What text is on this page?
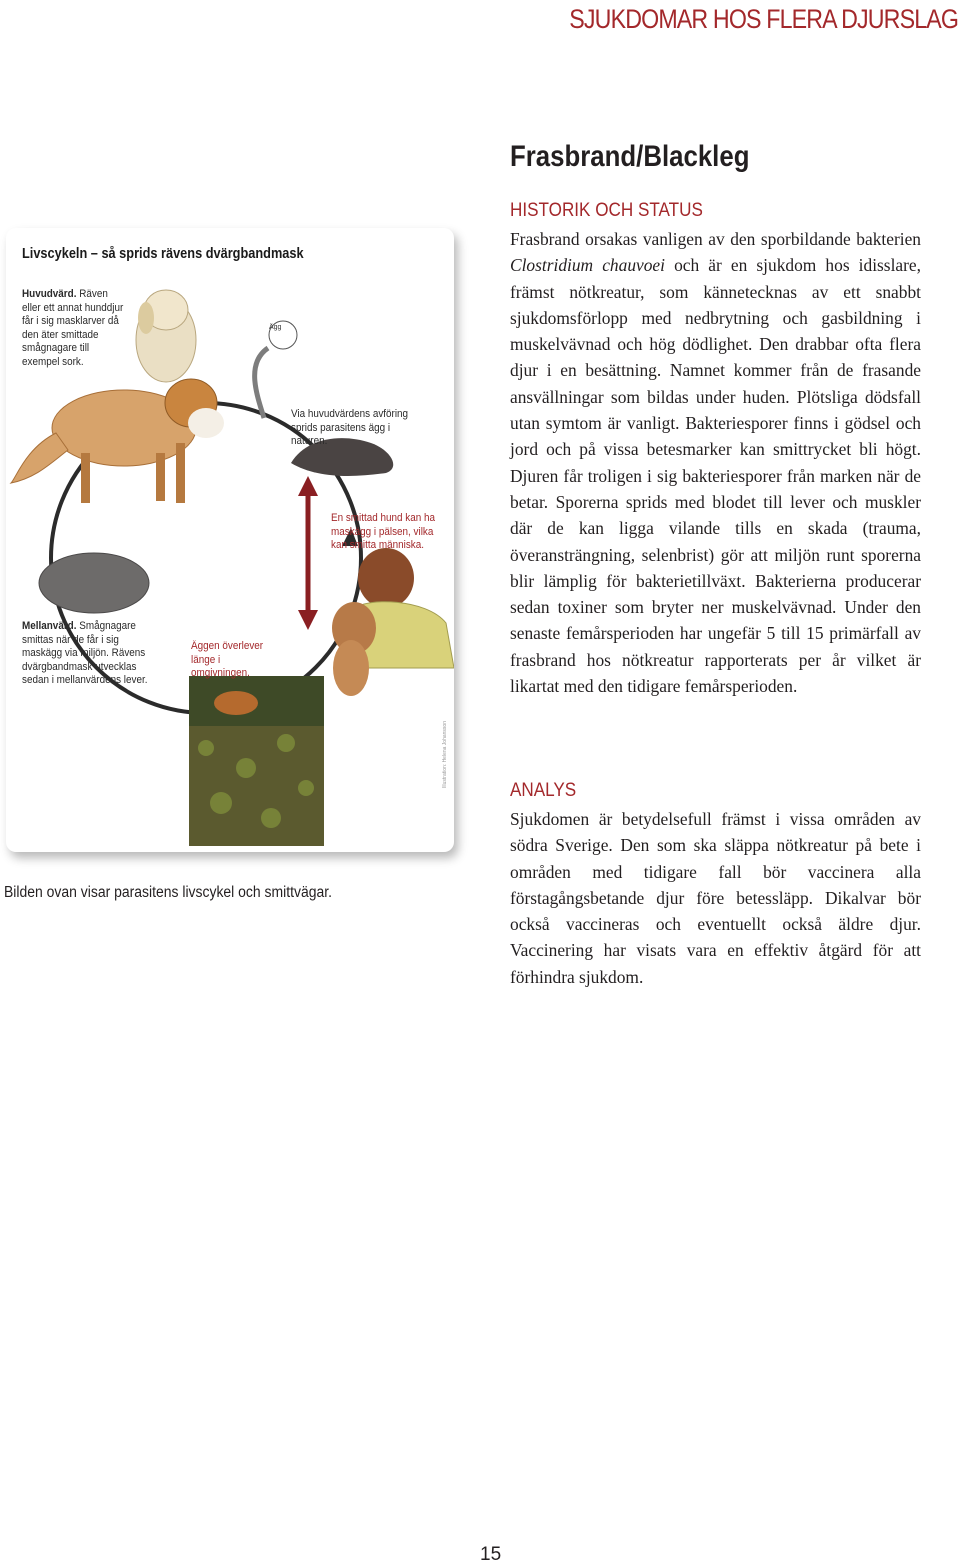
SJUKDOMAR HOS FLERA DJURSLAG
Frasbrand/Blackleg
HISTORIK OCH STATUS

Frasbrand orsakas vanligen av den sporbildande bakterien Clostridium chauvoei och är en sjukdom hos idisslare, främst nötkreatur, som kännetecknas av ett snabbt sjukdomsförlopp med nedbrytning och gasbildning i muskelvävnad och hög dödlighet. Den drabbar ofta flera djur i en besättning. Namnet kommer från de frasande ansvällningar som bildas under huden. Plötsliga dödsfall utan symtom är vanligt. Bakteriesporer finns i gödsel och jord och på vissa betesmarker kan smittrycket bli högt. Djuren får troligen i sig bakteriesporer från marken när de betar. Sporerna sprids med blodet till lever och muskler där de kan ligga vilande tills en skada (trauma, överansträngning, selenbrist) gör att miljön runt sporerna blir lämplig för bakterietillväxt. Bakterierna producerar sedan toxiner som bryter ner muskelvävnad. Under den senaste femårsperioden har ungefär 5 till 15 primärfall av frasbrand hos nötkreatur rapporterats per år vilket är likartat med den tidigare femårsperioden.

ANALYS

Sjukdomen är betydelsefull främst i vissa områden av södra Sverige. Den som ska släppa nötkreatur på bete i områden med tidigare fall bör vaccinera alla förstagångsbetande djur före betessläpp. Dikalvar bör också vaccineras och eventuellt också äldre djur. Vaccinering har visats vara en effektiv åtgärd för att förhindra sjukdom.

Livscykeln – så sprids rävens dvärgbandmask

Ägg

Huvudvärd. Räven eller ett annat hunddjur får i sig masklarver då den äter smittade smågnagare till exempel sork.

Via huvudvärdens avföring sprids parasitens ägg i naturen.

En smittad hund kan ha maskägg i pälsen, vilka kan smitta människa.

Mellanvärd. Smågnagare smittas när de får i sig maskägg via miljön. Rävens dvärgbandmask utvecklas sedan i mellanvärdens lever.

Äggen överlever länge i omgivningen.

Illustration: Helena Johansson

Bilden ovan visar parasitens livscykel och smittvägar.

15
